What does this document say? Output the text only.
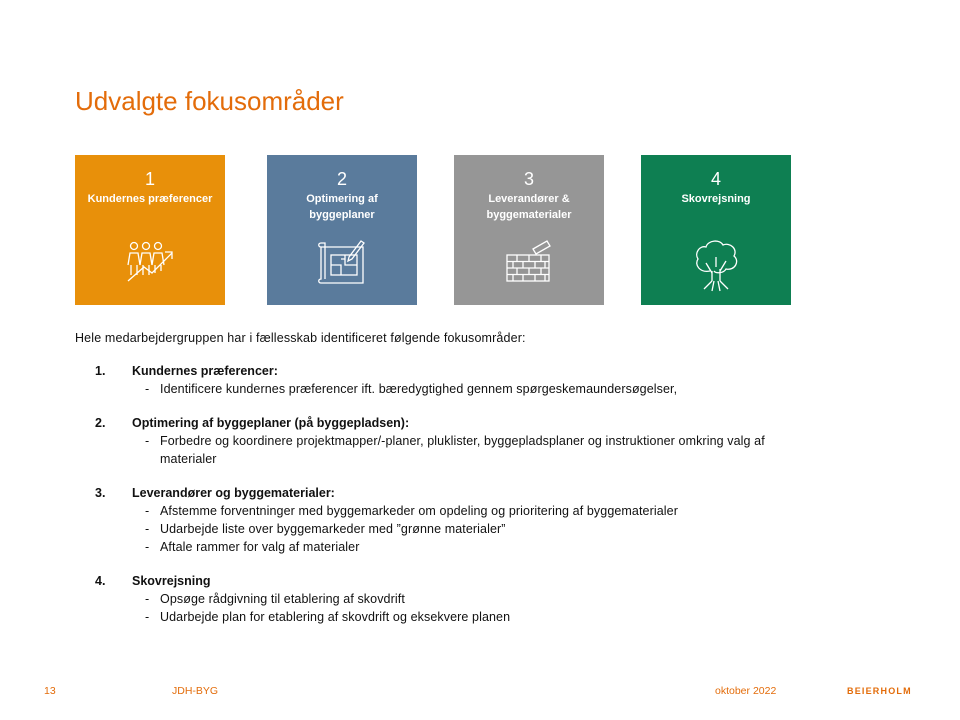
Udvalgte fokusområder
1
Kundernes præferencer
2
Optimering af byggeplaner
3
Leverandører & byggematerialer
4
Skovrejsning
Hele medarbejdergruppen har i fællesskab identificeret følgende fokusområder:
1. Kundernes præferencer:
- Identificere kundernes præferencer ift. bæredygtighed gennem spørgeskemaundersøgelser,
2. Optimering af byggeplaner (på byggepladsen):
- Forbedre og koordinere projektmapper/-planer, pluklister, byggepladsplaner og instruktioner omkring valg af materialer
3. Leverandører og byggematerialer:
- Afstemme forventninger med byggemarkeder om opdeling og prioritering af byggematerialer
- Udarbejde liste over byggemarkeder med ”grønne materialer”
- Aftale rammer for valg af materialer
4. Skovrejsning
- Opsøge rådgivning til etablering af skovdrift
- Udarbejde plan for etablering af skovdrift og eksekvere planen
13	JDH-BYG	oktober 2022	BEIERHOLM
